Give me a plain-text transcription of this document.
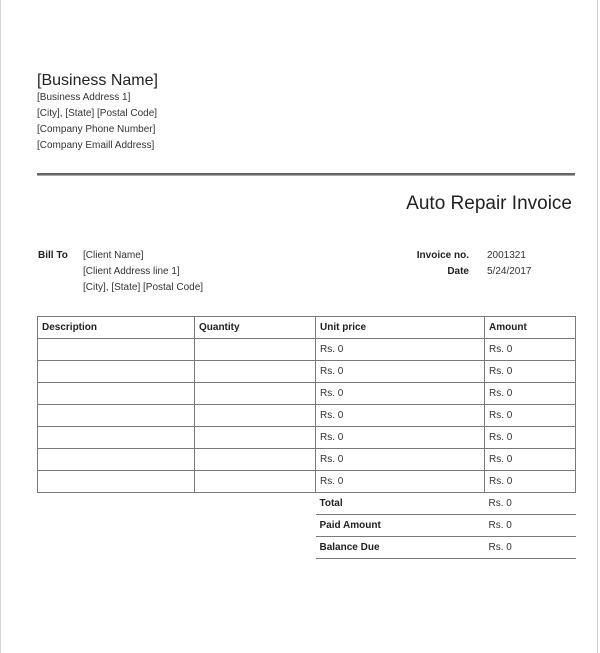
[Business Name]
[Business Address 1]
[City], [State] [Postal Code]
[Company Phone Number]
[Company Emaill Address]
Auto Repair Invoice
Bill To [Client Name]
[Client Address line 1]
[City], [State] [Postal Code]
Invoice no. 2001321
Date 5/24/2017
Description	Quantity	Unit price	Amount
		Rs. 0	Rs. 0
		Rs. 0	Rs. 0
		Rs. 0	Rs. 0
		Rs. 0	Rs. 0
		Rs. 0	Rs. 0
		Rs. 0	Rs. 0
		Rs. 0	Rs. 0
		Total	Rs. 0
		Paid Amount	Rs. 0
		Balance Due	Rs. 0
